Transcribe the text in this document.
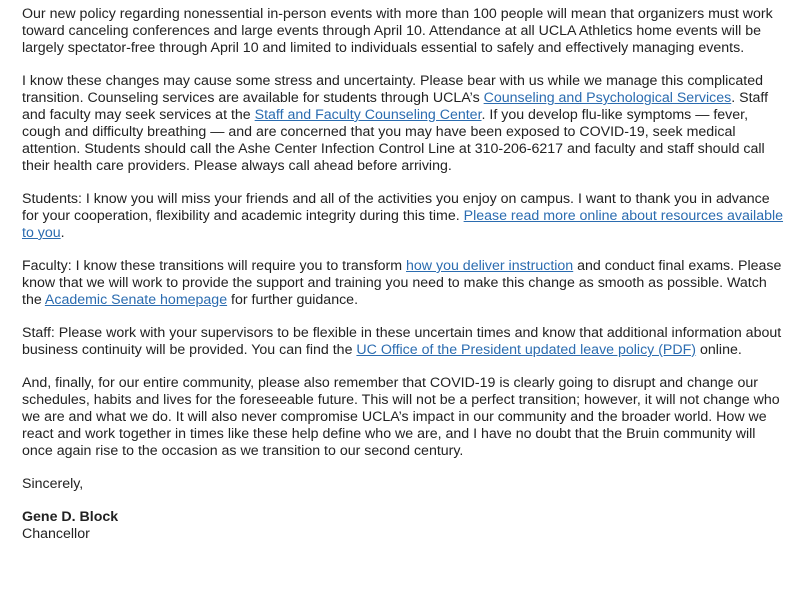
Our new policy regarding nonessential in-person events with more than 100 people will mean that organizers must work toward canceling conferences and large events through April 10. Attendance at all UCLA Athletics home events will be largely spectator-free through April 10 and limited to individuals essential to safely and effectively managing events.

I know these changes may cause some stress and uncertainty. Please bear with us while we manage this complicated transition. Counseling services are available for students through UCLA’s Counseling and Psychological Services. Staff and faculty may seek services at the Staff and Faculty Counseling Center. If you develop flu-like symptoms — fever, cough and difficulty breathing — and are concerned that you may have been exposed to COVID-19, seek medical attention. Students should call the Ashe Center Infection Control Line at 310-206-6217 and faculty and staff should call their health care providers. Please always call ahead before arriving.

Students: I know you will miss your friends and all of the activities you enjoy on campus. I want to thank you in advance for your cooperation, flexibility and academic integrity during this time. Please read more online about resources available to you.

Faculty: I know these transitions will require you to transform how you deliver instruction and conduct final exams. Please know that we will work to provide the support and training you need to make this change as smooth as possible. Watch the Academic Senate homepage for further guidance.

Staff: Please work with your supervisors to be flexible in these uncertain times and know that additional information about business continuity will be provided. You can find the UC Office of the President updated leave policy (PDF) online.

And, finally, for our entire community, please also remember that COVID-19 is clearly going to disrupt and change our schedules, habits and lives for the foreseeable future. This will not be a perfect transition; however, it will not change who we are and what we do. It will also never compromise UCLA’s impact in our community and the broader world. How we react and work together in times like these help define who we are, and I have no doubt that the Bruin community will once again rise to the occasion as we transition to our second century.

Sincerely,

Gene D. Block
Chancellor
